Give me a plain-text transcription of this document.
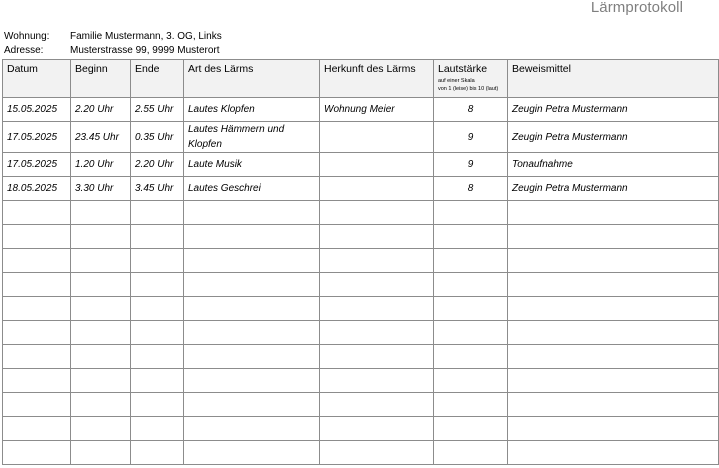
Lärmprotokoll
Wohnung: Familie Mustermann, 3. OG, Links
Adresse:	Musterstrasse 99, 9999 Musterort
Datum	Beginn	Ende	Art des Lärms	Herkunft des Lärms	Lautstärke
auf einer Skala
von 1 (leise) bis 10 (laut)	Beweismittel
15.05.2025	2.20 Uhr	2.55 Uhr	Lautes Klopfen	Wohnung Meier	8	Zeugin Petra Mustermann
17.05.2025	23.45 Uhr	0.35 Uhr	Lautes Hämmern und Klopfen		9	Zeugin Petra Mustermann
17.05.2025	1.20 Uhr	2.20 Uhr	Laute Musik		9	Tonaufnahme
18.05.2025	3.30 Uhr	3.45 Uhr	Lautes Geschrei		8	Zeugin Petra Mustermann
